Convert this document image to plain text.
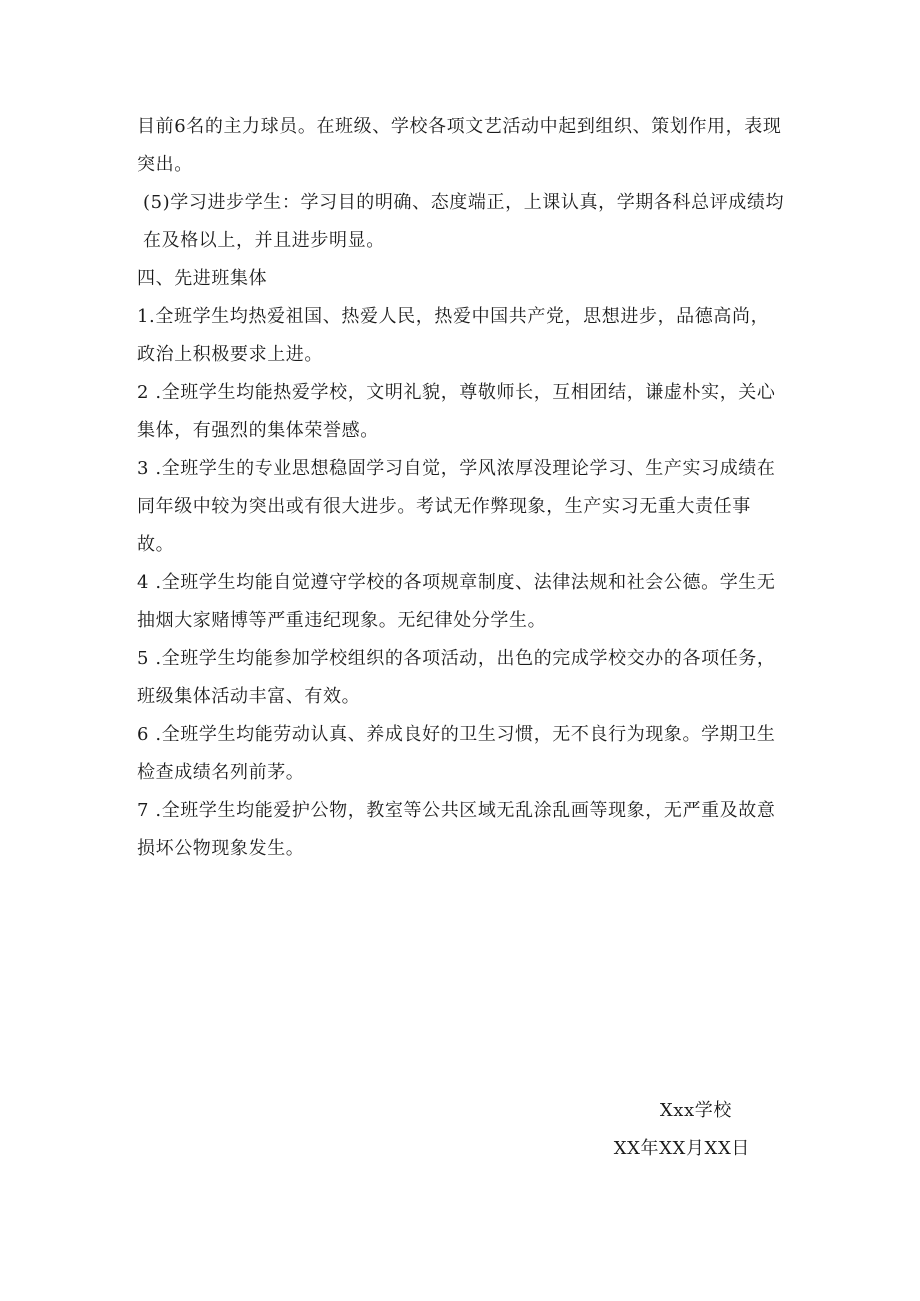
目前6名的主力球员。在班级、学校各项文艺活动中起到组织、策划作用，表现突出。

(5)学习进步学生：学习目的明确、态度端正，上课认真，学期各科总评成绩均在及格以上，并且进步明显。

四、先进班集体

1.全班学生均热爱祖国、热爱人民，热爱中国共产党，思想进步，品德高尚，政治上积极要求上进。

2 .全班学生均能热爱学校，文明礼貌，尊敬师长，互相团结，谦虚朴实，关心集体，有强烈的集体荣誉感。

3 .全班学生的专业思想稳固学习自觉，学风浓厚没理论学习、生产实习成绩在同年级中较为突出或有很大进步。考试无作弊现象，生产实习无重大责任事故。

4 .全班学生均能自觉遵守学校的各项规章制度、法律法规和社会公德。学生无抽烟大家赌博等严重违纪现象。无纪律处分学生。

5 .全班学生均能参加学校组织的各项活动，出色的完成学校交办的各项任务，班级集体活动丰富、有效。

6 .全班学生均能劳动认真、养成良好的卫生习惯，无不良行为现象。学期卫生检查成绩名列前茅。

7 .全班学生均能爱护公物，教室等公共区域无乱涂乱画等现象，无严重及故意损坏公物现象发生。

Xxx学校
XX年XX月XX日
